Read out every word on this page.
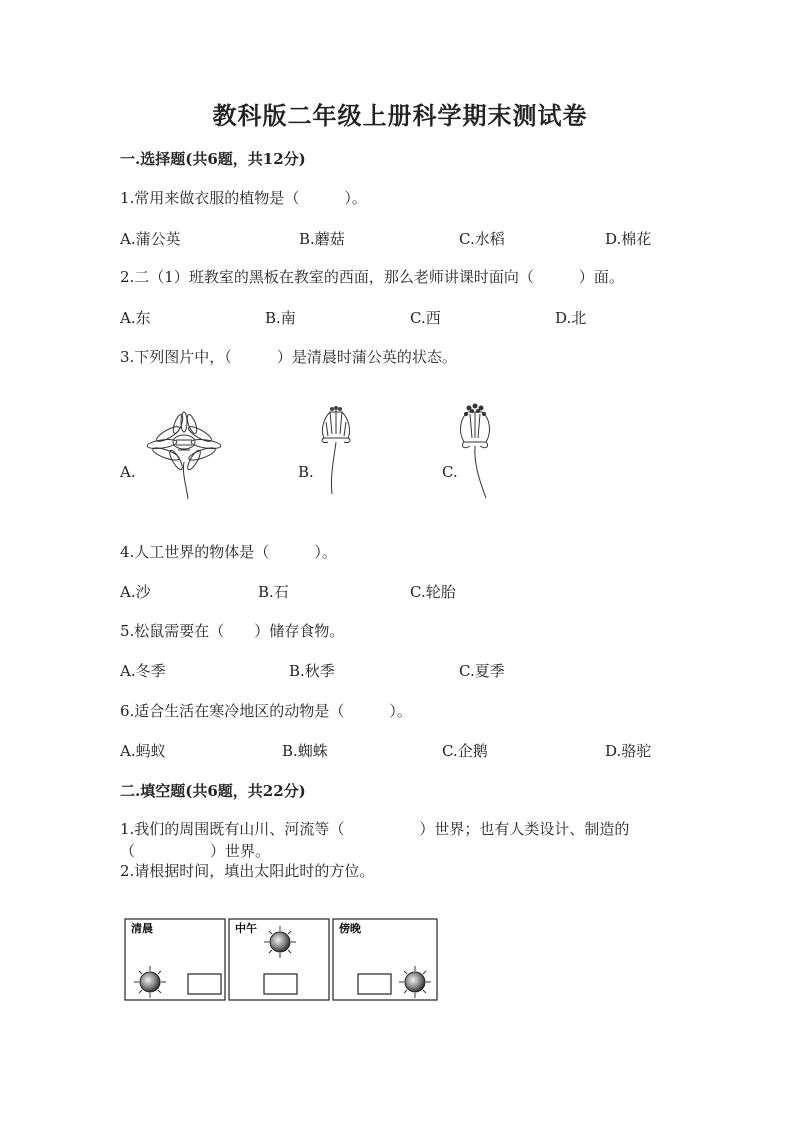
教科版二年级上册科学期末测试卷
一.选择题(共6题，共12分)
1.常用来做衣服的植物是（　　　）。
A.蒲公英	B.蘑菇	C.水稻	D.棉花
2.二（1）班教室的黑板在教室的西面，那么老师讲课时面向（　　　）面。
A.东	B.南	C.西	D.北
3.下列图片中，（　　　）是清晨时蒲公英的状态。
A.	B.	C.
4.人工世界的物体是（　　　）。
A.沙	B.石	C.轮胎
5.松鼠需要在（　　）储存食物。
A.冬季	B.秋季	C.夏季
6.适合生活在寒冷地区的动物是（　　　）。
A.蚂蚁	B.蜘蛛	C.企鹅	D.骆驼
二.填空题(共6题，共22分)
1.我们的周围既有山川、河流等（　　　　　）世界；也有人类设计、制造的（　　　　　）世界。
2.请根据时间，填出太阳此时的方位。
清晨	中午	傍晚
